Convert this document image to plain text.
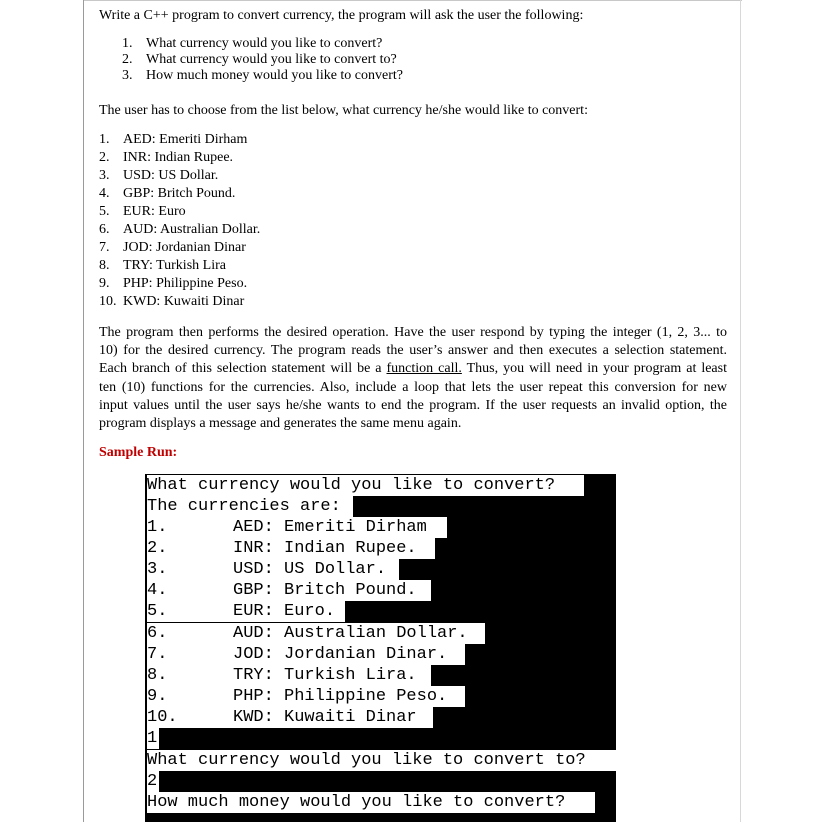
Write a C++ program to convert currency, the program will ask the user the following:
1. What currency would you like to convert?
2. What currency would you like to convert to?
3. How much money would you like to convert?
The user has to choose from the list below, what currency he/she would like to convert:
1. AED: Emeriti Dirham
2. INR: Indian Rupee.
3. USD: US Dollar.
4. GBP: Britch Pound.
5. EUR: Euro
6. AUD: Australian Dollar.
7. JOD: Jordanian Dinar
8. TRY: Turkish Lira
9. PHP: Philippine Peso.
10. KWD: Kuwaiti Dinar
The program then performs the desired operation. Have the user respond by typing the integer (1, 2, 3... to
10) for the desired currency. The program reads the user’s answer and then executes a selection statement.
Each branch of this selection statement will be a function call. Thus, you will need in your program at least
ten (10) functions for the currencies. Also, include a loop that lets the user repeat this conversion for new
input values until the user says he/she wants to end the program. If the user requests an invalid option, the
program displays a message and generates the same menu again.
Sample Run:
What currency would you like to convert?
The currencies are:
1.	AED: Emeriti Dirham
2.	INR: Indian Rupee.
3.	USD: US Dollar.
4.	GBP: Britch Pound.
5.	EUR: Euro.
6.	AUD: Australian Dollar.
7.	JOD: Jordanian Dinar.
8.	TRY: Turkish Lira.
9.	PHP: Philippine Peso.
10.	KWD: Kuwaiti Dinar
1
What currency would you like to convert to?
2
How much money would you like to convert?
